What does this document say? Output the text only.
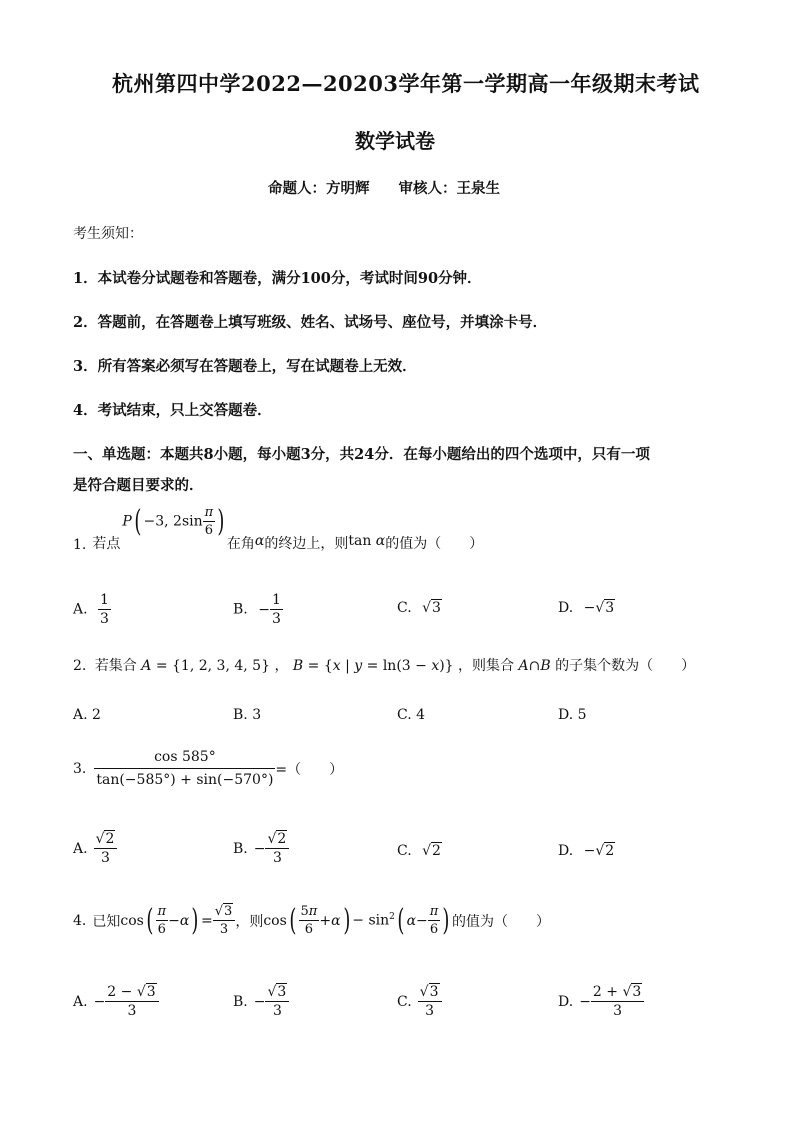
杭州第四中学2022—20203学年第一学期高一年级期末考试
数学试卷
命题人：方明辉　　审核人：王泉生
考生须知：
1．本试卷分试题卷和答题卷，满分100分，考试时间90分钟．
2．答题前，在答题卷上填写班级、姓名、试场号、座位号，并填涂卡号．
3．所有答案必须写在答题卷上，写在试题卷上无效．
4．考试结束，只上交答题卷．
一、单选题：本题共8小题，每小题3分，共24分．在每小题给出的四个选项中，只有一项
是符合题目要求的．
1. 若点
P( −3, $2\sin \frac{\pi}{6}$ )
在角 α 的终边上，则 tan α 的值为（　　）
A. $\frac{1}{3}$	B. − $\frac{1}{3}$	C. √3	D. −√3
2. 若集合 A = {1, 2, 3, 4, 5} ， B = {x | y = ln(3 − x)} ，则集合 A∩B 的子集个数为（　　）
A. 2	B. 3	C. 4	D. 5
3. $\frac{\cos 585^\circ}{\tan(-585^\circ) + \sin(-570^\circ)}$ =（　　）
A. $\frac{√2}{3}$	B. − $\frac{√2}{3}$	C. √2	D. −√2
4. 已知 cos ( $\frac{\pi}{6} - \alpha$ ) = $\frac{√3}{3}$ ，则 cos ( $\frac{5\pi}{6} + \alpha$ ) − $\sin^2$ ( $\alpha - \frac{\pi}{6}$ ) 的值为（　　）
A. − $\frac{2 - √3}{3}$	B. − $\frac{√3}{3}$	C. $\frac{√3}{3}$	D. − $\frac{2 + √3}{3}$
